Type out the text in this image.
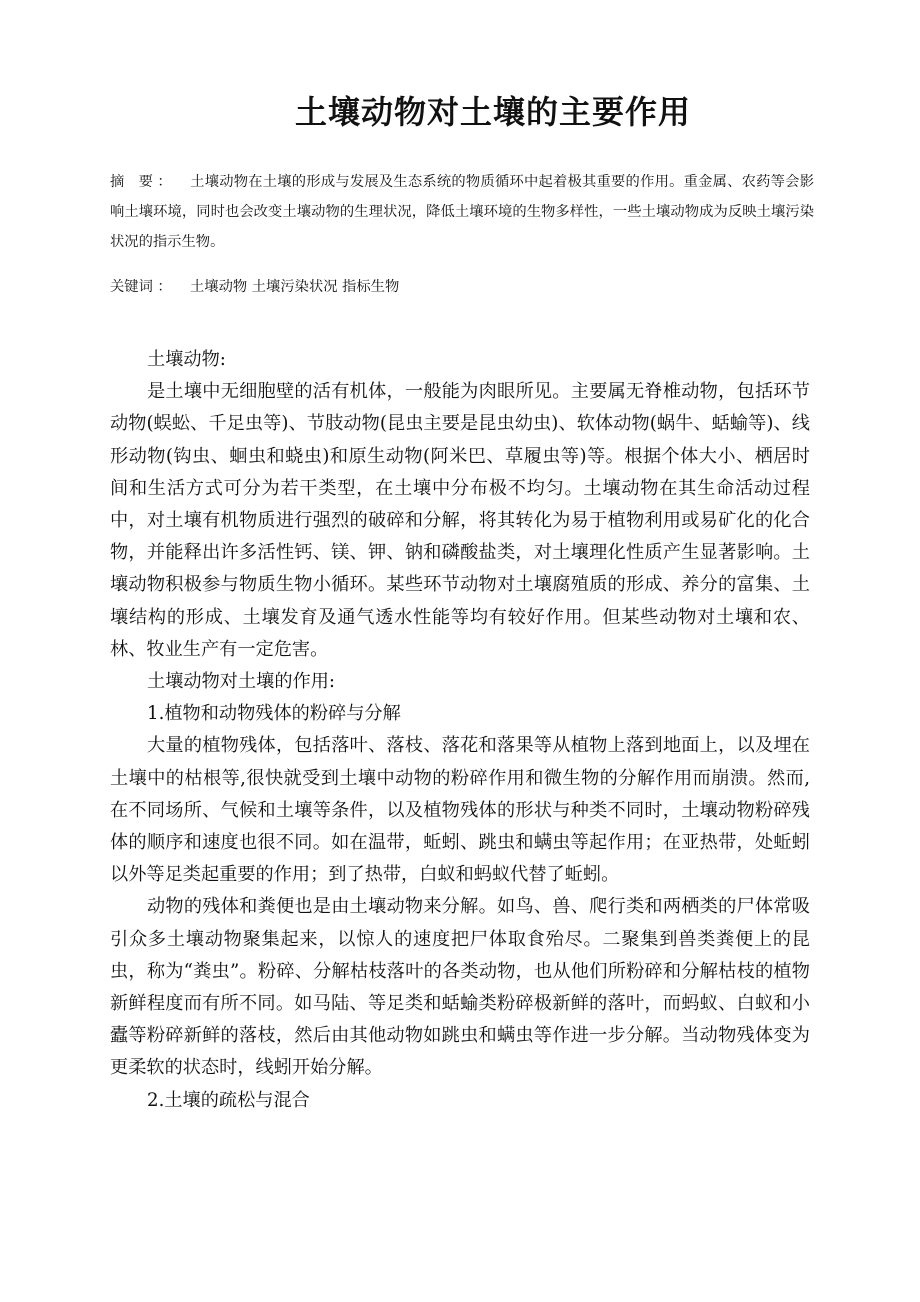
土壤动物对土壤的主要作用

摘　要 ： 土壤动物在土壤的形成与发展及生态系统的物质循环中起着极其重要的作用。重金属、农药等会影响土壤环境，同时也会改变土壤动物的生理状况，降低土壤环境的生物多样性，一些土壤动物成为反映土壤污染状况的指示生物。

关键词 ： 土壤动物 土壤污染状况 指标生物

土壤动物:

是土壤中无细胞壁的活有机体，一般能为肉眼所见。主要属无脊椎动物，包括环节动物(蜈蚣、千足虫等)、节肢动物(昆虫主要是昆虫幼虫)、软体动物(蜗牛、蛞蝓等)、线形动物(钩虫、蛔虫和蛲虫)和原生动物(阿米巴、草履虫等)等。根据个体大小、栖居时间和生活方式可分为若干类型，在土壤中分布极不均匀。土壤动物在其生命活动过程中，对土壤有机物质进行强烈的破碎和分解，将其转化为易于植物利用或易矿化的化合物，并能释出许多活性钙、镁、钾、钠和磷酸盐类，对土壤理化性质产生显著影响。土壤动物积极参与物质生物小循环。某些环节动物对土壤腐殖质的形成、养分的富集、土壤结构的形成、土壤发育及通气透水性能等均有较好作用。但某些动物对土壤和农、林、牧业生产有一定危害。

土壤动物对土壤的作用:

1.植物和动物残体的粉碎与分解

大量的植物残体，包括落叶、落枝、落花和落果等从植物上落到地面上，以及埋在土壤中的枯根等,很快就受到土壤中动物的粉碎作用和微生物的分解作用而崩溃。然而,在不同场所、气候和土壤等条件，以及植物残体的形状与种类不同时，土壤动物粉碎残体的顺序和速度也很不同。如在温带，蚯蚓、跳虫和螨虫等起作用；在亚热带，处蚯蚓以外等足类起重要的作用；到了热带，白蚁和蚂蚁代替了蚯蚓。

动物的残体和粪便也是由土壤动物来分解。如鸟、兽、爬行类和两栖类的尸体常吸引众多土壤动物聚集起来，以惊人的速度把尸体取食殆尽。二聚集到兽类粪便上的昆虫，称为“粪虫”。粉碎、分解枯枝落叶的各类动物，也从他们所粉碎和分解枯枝的植物新鲜程度而有所不同。如马陆、等足类和蛞蝓类粉碎极新鲜的落叶，而蚂蚁、白蚁和小蠹等粉碎新鲜的落枝，然后由其他动物如跳虫和螨虫等作进一步分解。当动物残体变为更柔软的状态时，线蚓开始分解。

2.土壤的疏松与混合
